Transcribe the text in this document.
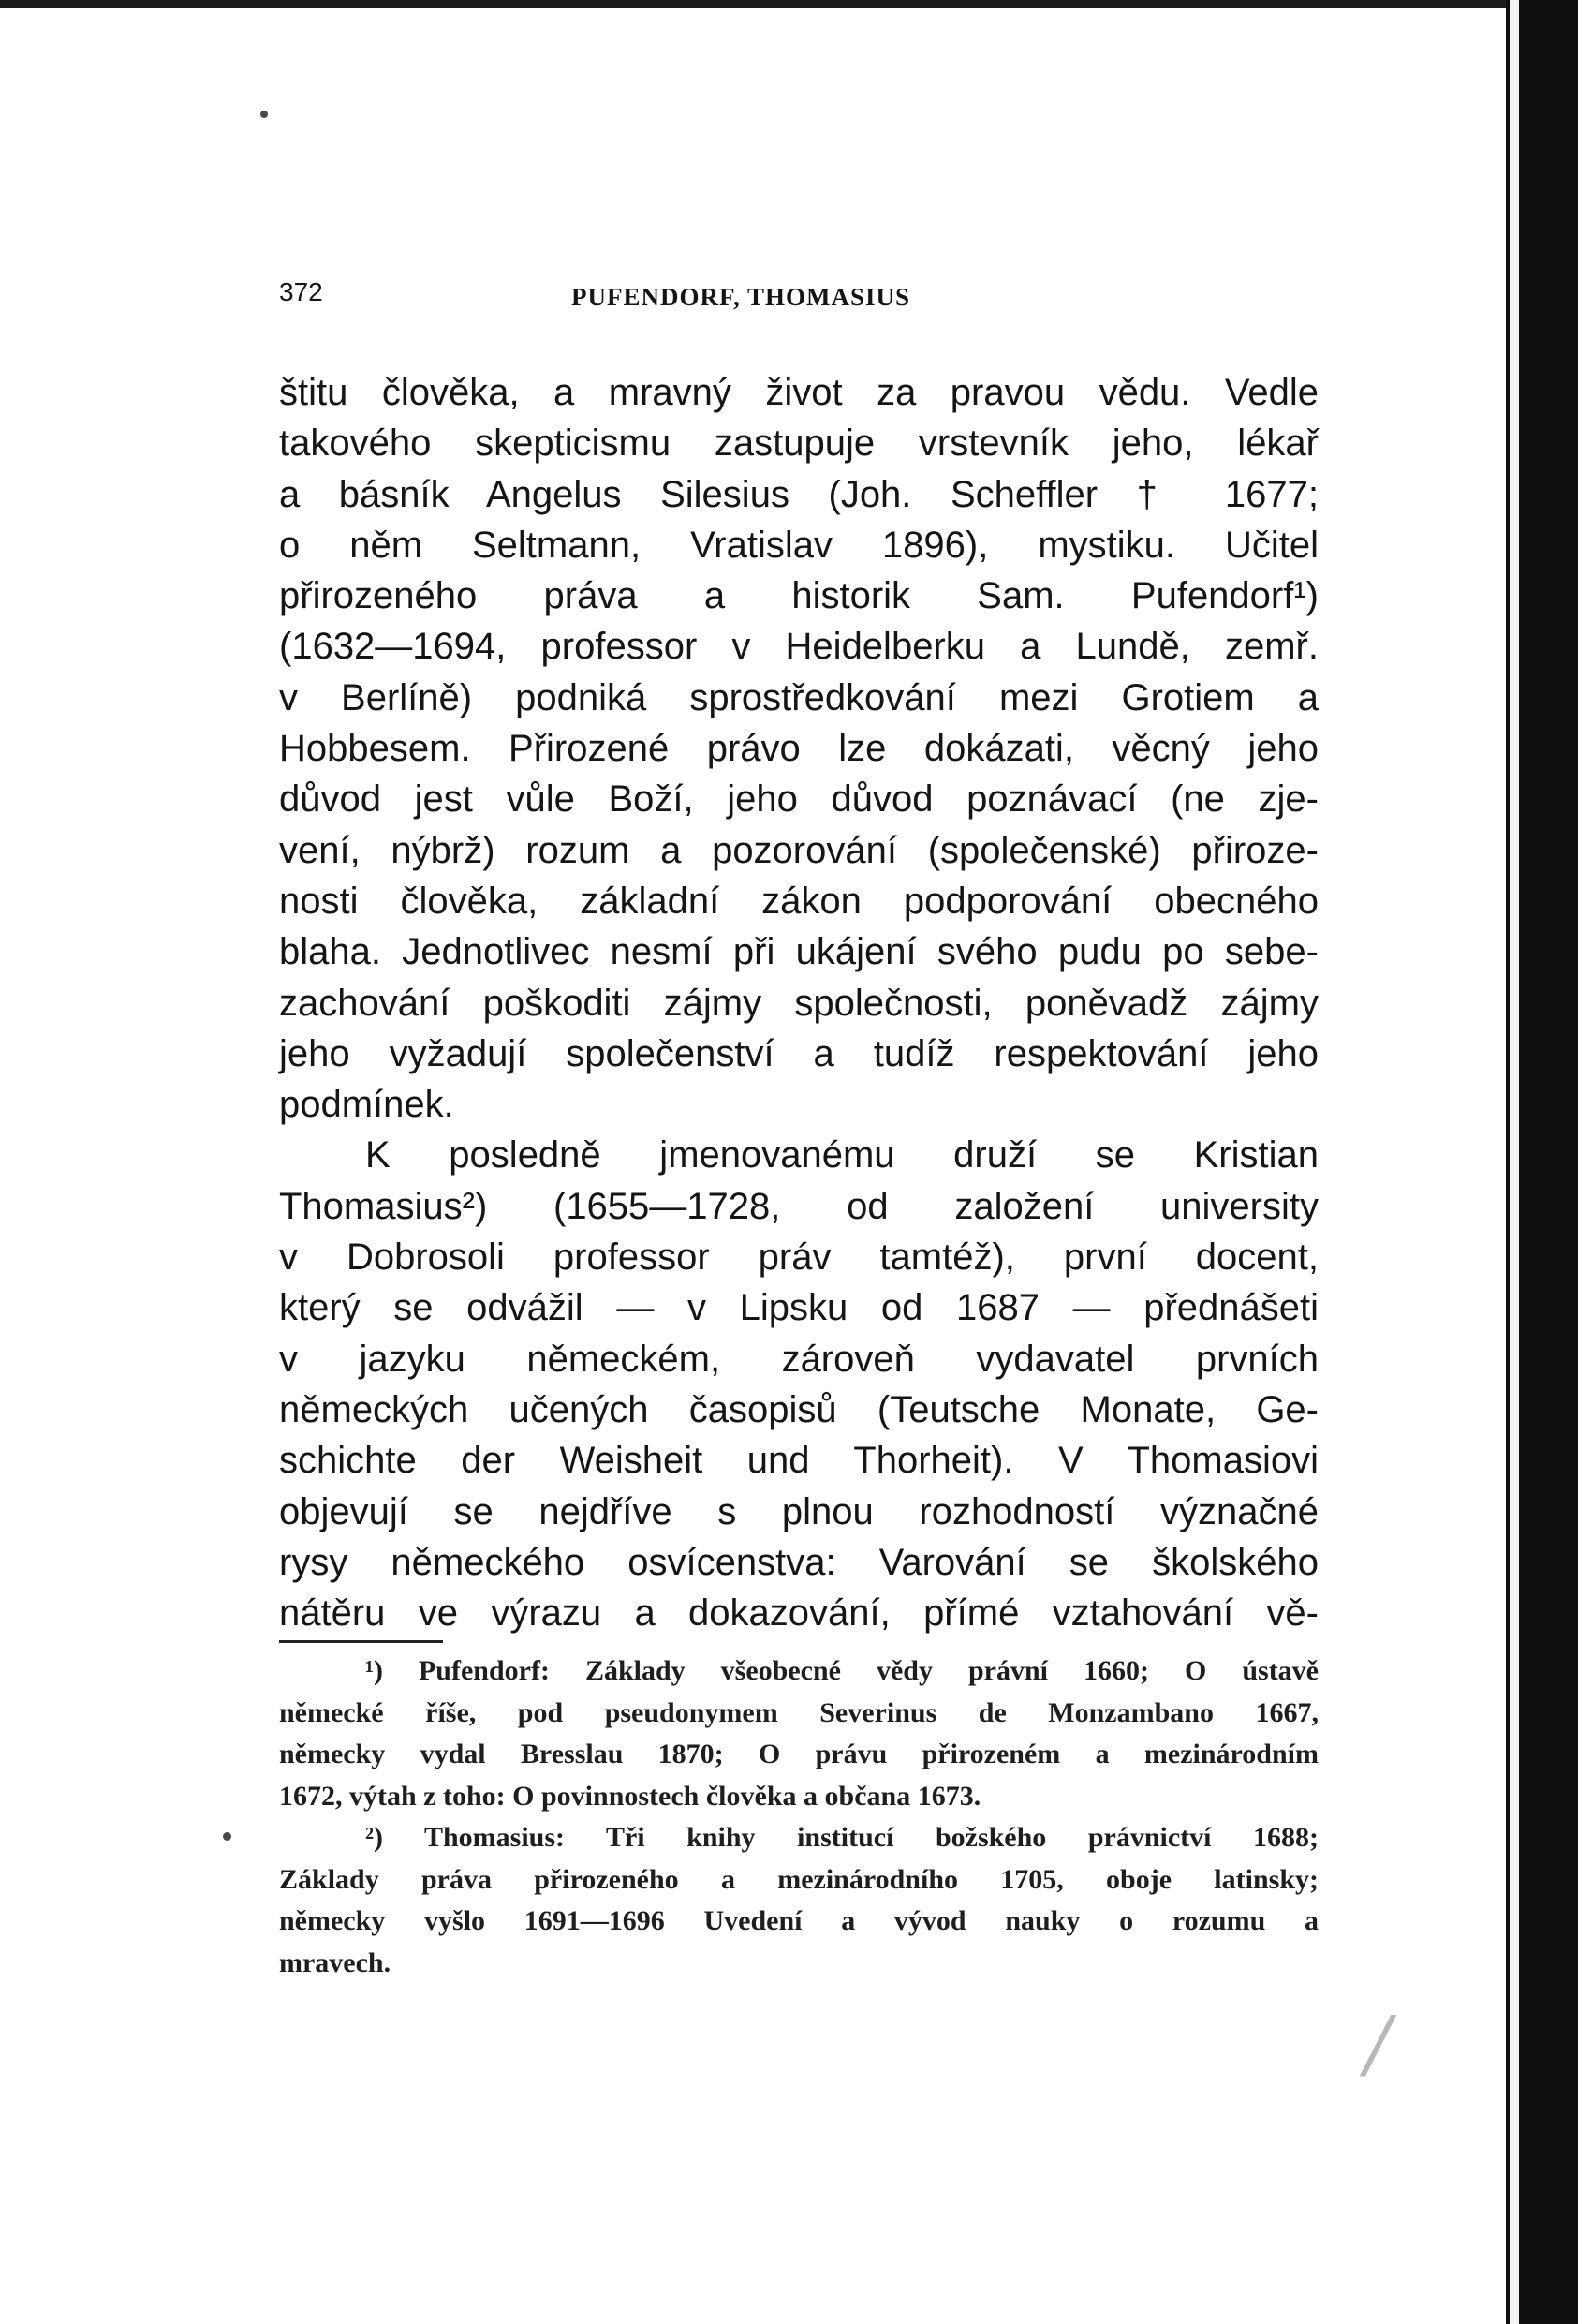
372	PUFENDORF, THOMASIUS
štitu člověka, a mravný život za pravou vědu. Vedle
takového skepticismu zastupuje vrstevník jeho, lékař
a básník Angelus Silesius (Joh. Scheffler † 1677;
o něm Seltmann, Vratislav 1896), mystiku. Učitel
přirozeného práva a historik Sam. Pufendorf¹)
(1632—1694, professor v Heidelberku a Lundě, zemř.
v Berlíně) podniká sprostředkování mezi Grotiem a
Hobbesem. Přirozené právo lze dokázati, věcný jeho
důvod jest vůle Boží, jeho důvod poznávací (ne zje-
vení, nýbrž) rozum a pozorování (společenské) přiroze-
nosti člověka, základní zákon podporování obecného
blaha. Jednotlivec nesmí při ukájení svého pudu po sebe-
zachování poškoditi zájmy společnosti, poněvadž zájmy
jeho vyžadují společenství a tudíž respektování jeho
podmínek.
K posledně jmenovanému druží se Kristian
Thomasius²) (1655—1728, od založení university
v Dobrosoli professor práv tamtéž), první docent,
který se odvážil — v Lipsku od 1687 — přednášeti
v jazyku německém, zároveň vydavatel prvních
německých učených časopisů (Teutsche Monate, Ge-
schichte der Weisheit und Thorheit). V Thomasiovi
objevují se nejdříve s plnou rozhodností význačné
rysy německého osvícenstva: Varování se školského
nátěru ve výrazu a dokazování, přímé vztahování vě-
¹) Pufendorf: Základy všeobecné vědy právní 1660; O ústavě
německé říše, pod pseudonymem Severinus de Monzambano 1667,
německy vydal Bresslau 1870; O právu přirozeném a mezinárodním
1672, výtah z toho: O povinnostech člověka a občana 1673.
²) Thomasius: Tři knihy institucí božského právnictví 1688;
Základy práva přirozeného a mezinárodního 1705, oboje latinsky;
německy vyšlo 1691—1696 Uvedení a vývod nauky o rozumu a
mravech.
/
